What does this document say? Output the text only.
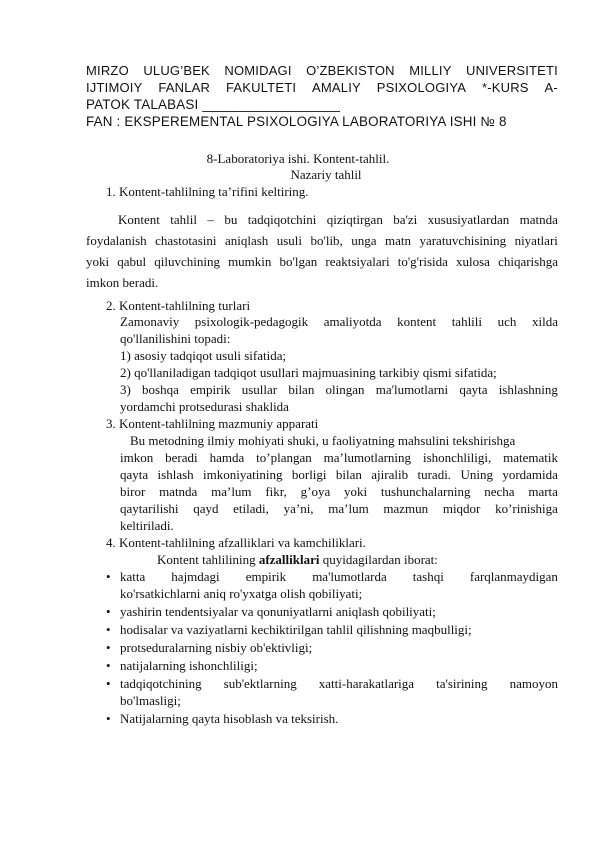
MIRZO ULUG’BEK NOMIDAGI O’ZBEKISTON MILLIY UNIVERSITETI
IJTIMOIY FANLAR FAKULTETI AMALIY PSIXOLOGIYA *-KURS A-
PATOK TALABASI __________________
FAN : EKSPEREMENTAL PSIXOLOGIYA LABORATORIYA ISHI № 8
8-Laboratoriya ishi. Kontent-tahlil.
Nazariy tahlil
1. Kontent-tahlilning ta’rifini keltiring.
Kontent tahlil – bu tadqiqotchini qiziqtirgan ba'zi xususiyatlardan matnda
foydalanish chastotasini aniqlash usuli bo'lib, unga matn yaratuvchisining niyatlari
yoki qabul qiluvchining mumkin bo'lgan reaktsiyalari to'g'risida xulosa chiqarishga
imkon beradi.
2. Kontent-tahlilning turlari
Zamonaviy psixologik-pedagogik amaliyotda kontent tahlili uch xilda
qo'llanilishini topadi:
1) asosiy tadqiqot usuli sifatida;
2) qo'llaniladigan tadqiqot usullari majmuasining tarkibiy qismi sifatida;
3) boshqa empirik usullar bilan olingan ma'lumotlarni qayta ishlashning
yordamchi protsedurasi shaklida
3. Kontent-tahlilning mazmuniy apparati
Bu metodning ilmiy mohiyati shuki, u faoliyatning mahsulini tekshirishga
imkon beradi hamda to’plangan ma’lumotlarning ishonchliligi, matematik
qayta ishlash imkoniyatining borligi bilan ajiralib turadi. Uning yordamida
biror matnda ma’lum fikr, g’oya yoki tushunchalarning necha marta
qaytarilishi qayd etiladi, ya’ni, ma’lum mazmun miqdor ko’rinishiga
keltiriladi.
4. Kontent-tahlilning afzalliklari va kamchiliklari.
Kontent tahlilining afzalliklari quyidagilardan iborat:
• katta hajmdagi empirik ma'lumotlarda tashqi farqlanmaydigan
ko'rsatkichlarni aniq ro'yxatga olish qobiliyati;
• yashirin tendentsiyalar va qonuniyatlarni aniqlash qobiliyati;
• hodisalar va vaziyatlarni kechiktirilgan tahlil qilishning maqbulligi;
• protseduralarning nisbiy ob'ektivligi;
• natijalarning ishonchliligi;
• tadqiqotchining sub'ektlarning xatti-harakatlariga ta'sirining namoyon
bo'lmasligi;
• Natijalarning qayta hisoblash va teksirish.
